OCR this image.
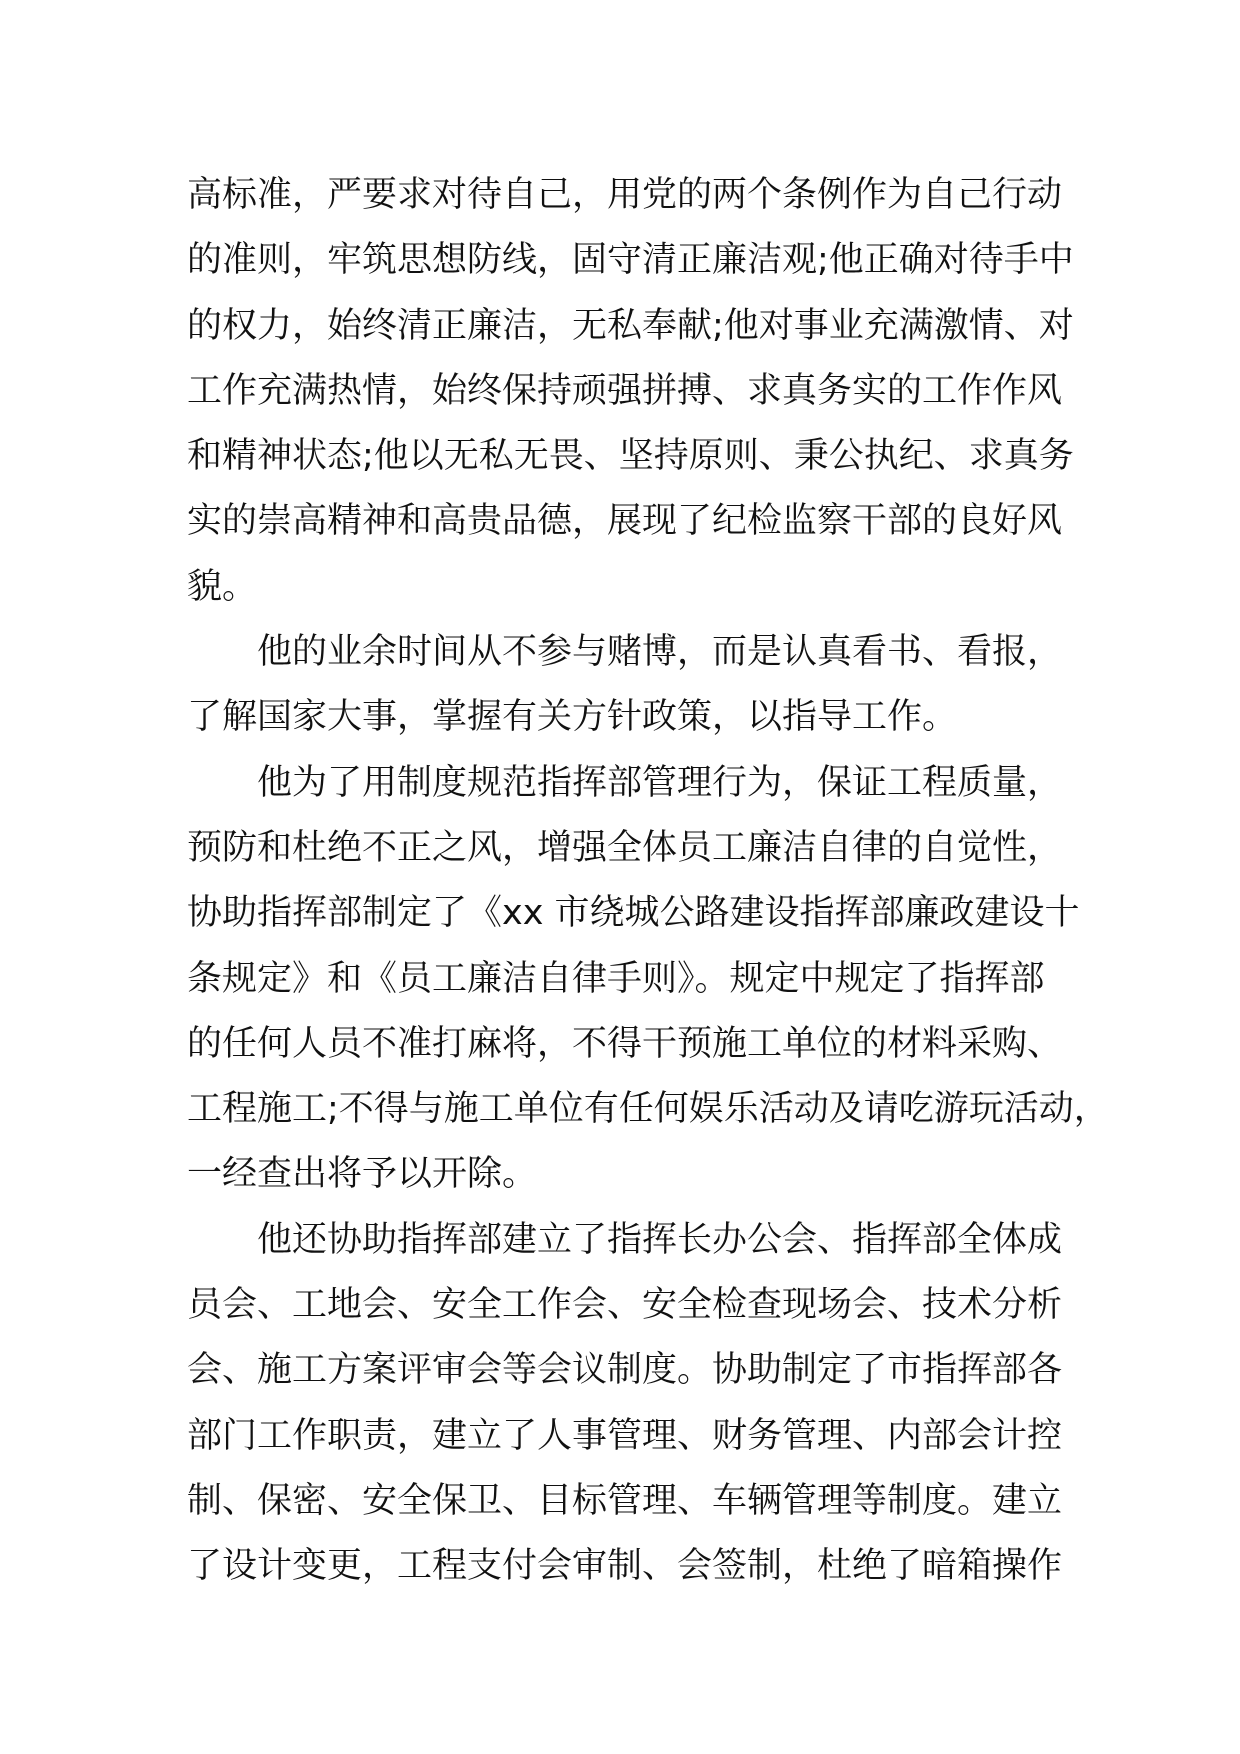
高标准，严要求对待自己，用党的两个条例作为自己行动
的准则，牢筑思想防线，固守清正廉洁观;他正确对待手中
的权力，始终清正廉洁，无私奉献;他对事业充满激情、对
工作充满热情，始终保持顽强拼搏、求真务实的工作作风
和精神状态;他以无私无畏、坚持原则、秉公执纪、求真务
实的崇高精神和高贵品德，展现了纪检监察干部的良好风
貌。
他的业余时间从不参与赌博，而是认真看书、看报，
了解国家大事，掌握有关方针政策，以指导工作。
他为了用制度规范指挥部管理行为，保证工程质量，
预防和杜绝不正之风，增强全体员工廉洁自律的自觉性，
协助指挥部制定了《xx 市绕城公路建设指挥部廉政建设十
条规定》和《员工廉洁自律手则》。规定中规定了指挥部
的任何人员不准打麻将，不得干预施工单位的材料采购、
工程施工;不得与施工单位有任何娱乐活动及请吃游玩活动，
一经查出将予以开除。
他还协助指挥部建立了指挥长办公会、指挥部全体成
员会、工地会、安全工作会、安全检查现场会、技术分析
会、施工方案评审会等会议制度。协助制定了市指挥部各
部门工作职责，建立了人事管理、财务管理、内部会计控
制、保密、安全保卫、目标管理、车辆管理等制度。建立
了设计变更，工程支付会审制、会签制，杜绝了暗箱操作
